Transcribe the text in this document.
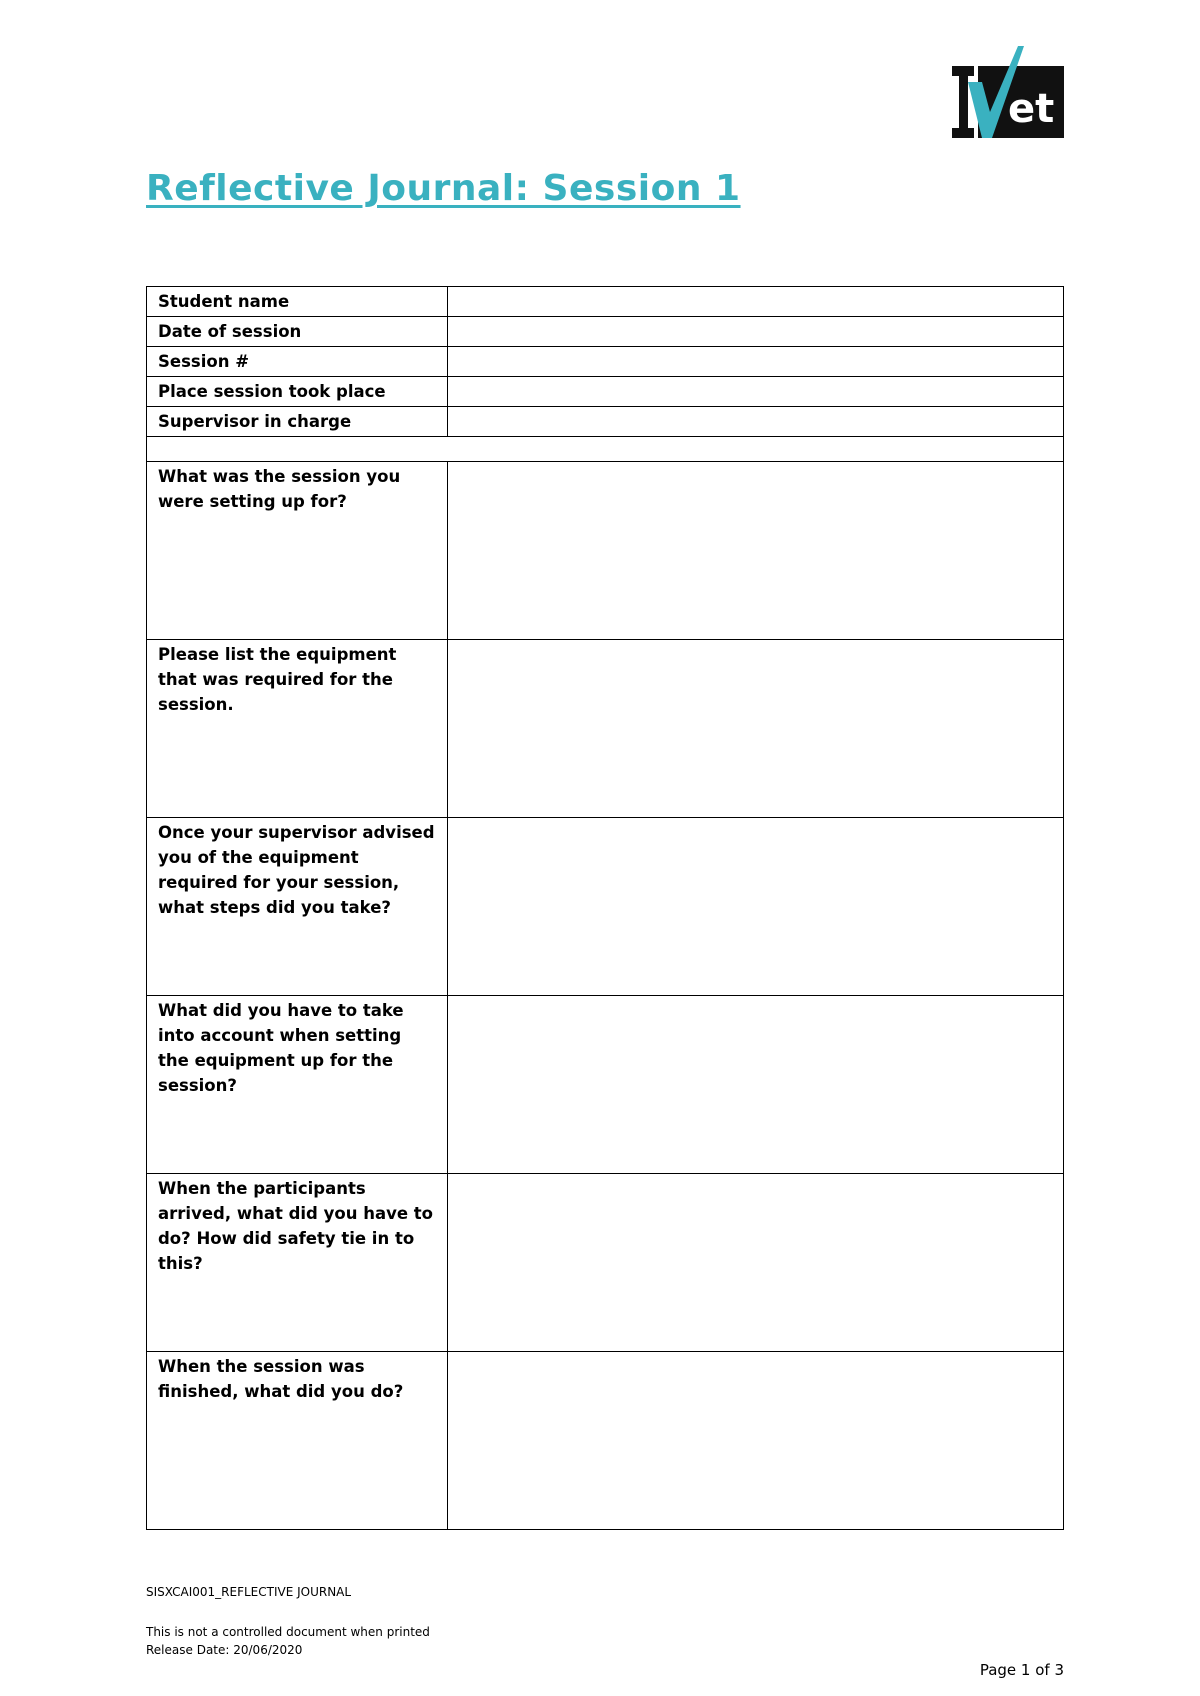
et
Reflective Journal: Session 1
Student name	
Date of session	
Session #	
Place session took place	
Supervisor in charge	

What was the session you were setting up for?	
Please list the equipment that was required for the session.	
Once your supervisor advised you of the equipment required for your session, what steps did you take?	
What did you have to take into account when setting the equipment up for the session?	
When the participants arrived, what did you have to do? How did safety tie in to this?	
When the session was finished, what did you do?	
SISXCAI001_REFLECTIVE JOURNAL
This is not a controlled document when printed
Release Date: 20/06/2020
Page 1 of 3
